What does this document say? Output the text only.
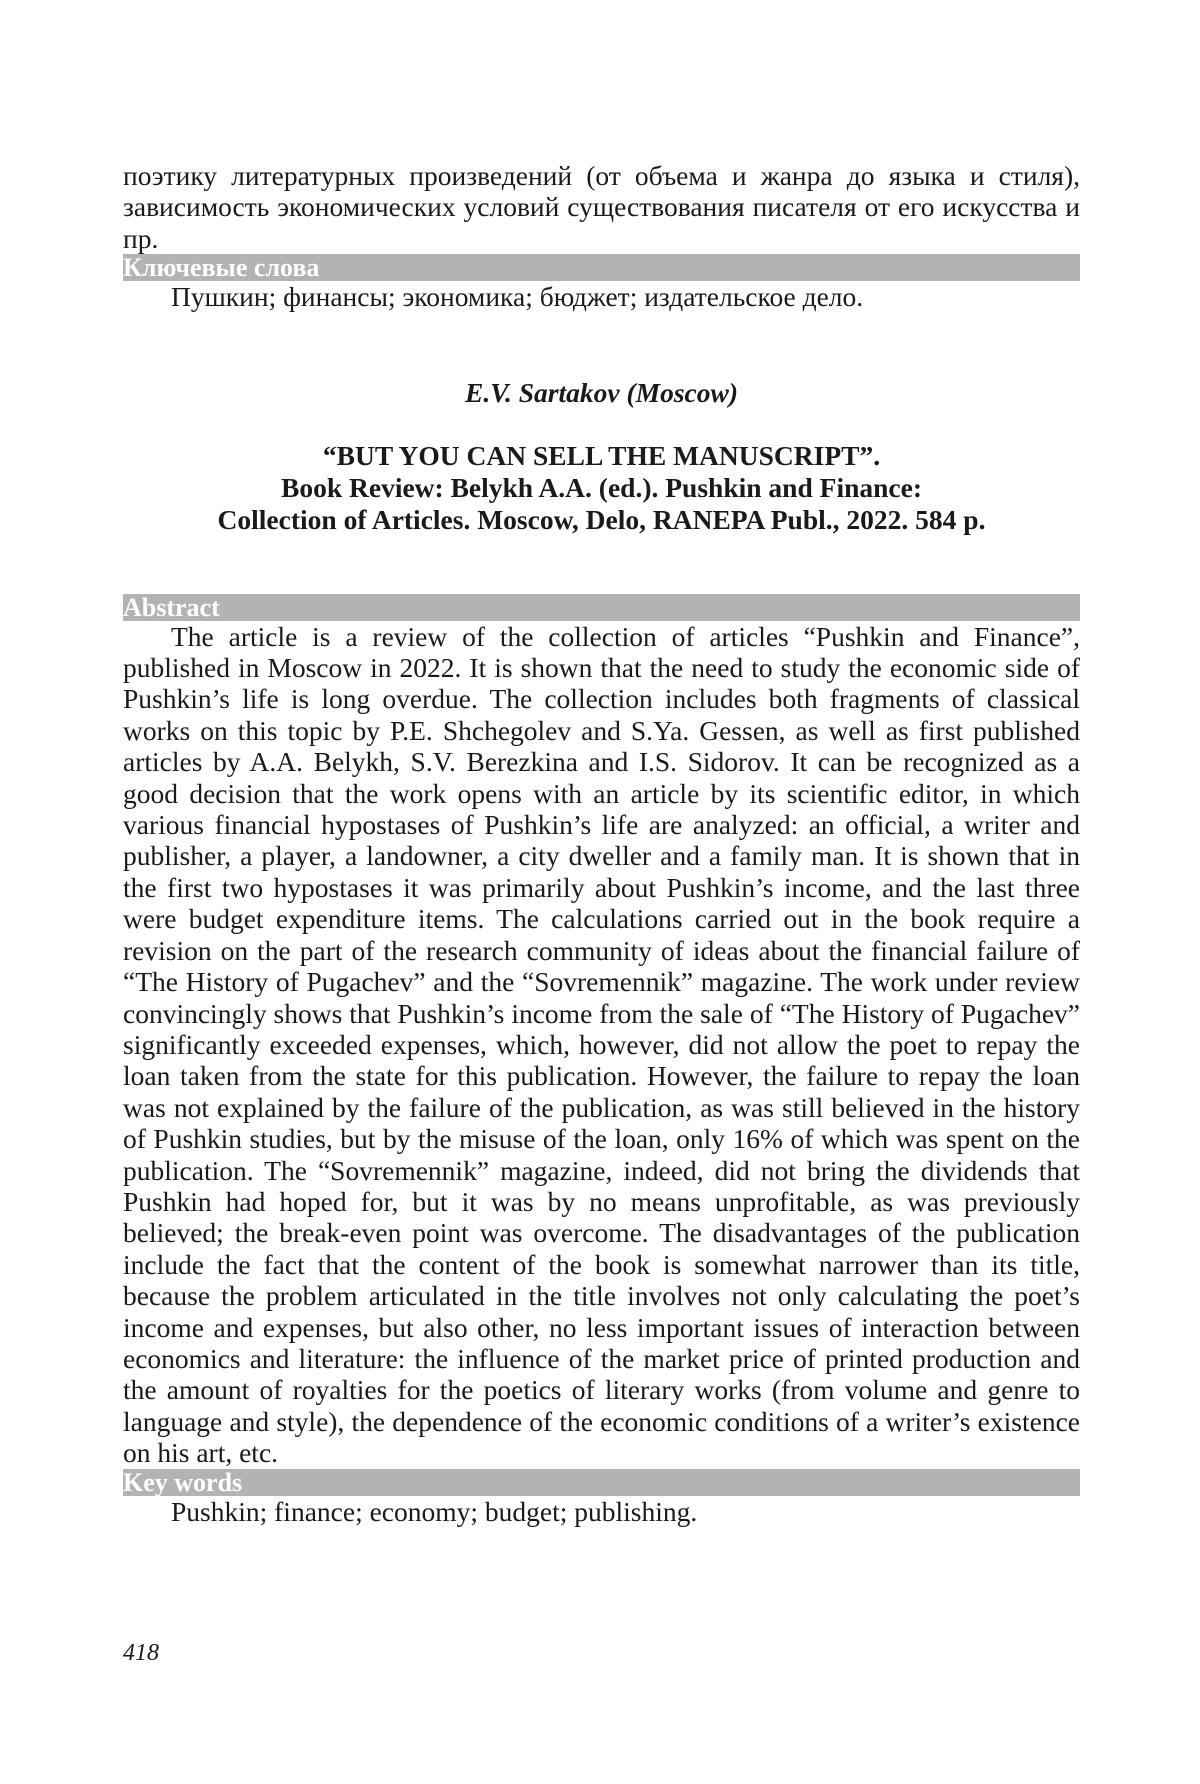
поэтику литературных произведений (от объема и жанра до языка и стиля), зависимость экономических условий существования писателя от его искусства и пр.

Ключевые слова

Пушкин; финансы; экономика; бюджет; издательское дело.

E.V. Sartakov (Moscow)

“BUT YOU CAN SELL THE MANUSCRIPT”.
Book Review: Belykh A.A. (ed.). Pushkin and Finance:
Collection of Articles. Moscow, Delo, RANEPA Publ., 2022. 584 p.

Abstract

The article is a review of the collection of articles “Pushkin and Finance”, published in Moscow in 2022. It is shown that the need to study the economic side of Pushkin’s life is long overdue. The collection includes both fragments of classical works on this topic by P.E. Shchegolev and S.Ya. Gessen, as well as first published articles by A.A. Belykh, S.V. Berezkina and I.S. Sidorov. It can be recognized as a good decision that the work opens with an article by its scientific editor, in which various financial hypostases of Pushkin’s life are analyzed: an official, a writer and publisher, a player, a landowner, a city dweller and a family man. It is shown that in the first two hypostases it was primarily about Pushkin’s income, and the last three were budget expenditure items. The calculations carried out in the book require a revision on the part of the research community of ideas about the financial failure of “The History of Pugachev” and the “Sovremennik” magazine. The work under review convincingly shows that Pushkin’s income from the sale of “The History of Pugachev” significantly exceeded expenses, which, however, did not allow the poet to repay the loan taken from the state for this publication. However, the failure to repay the loan was not explained by the failure of the publication, as was still believed in the history of Pushkin studies, but by the misuse of the loan, only 16% of which was spent on the publication. The “Sovremennik” magazine, indeed, did not bring the dividends that Pushkin had hoped for, but it was by no means unprofitable, as was previously believed; the break-even point was overcome. The disadvantages of the publication include the fact that the content of the book is somewhat narrower than its title, because the problem articulated in the title involves not only calculating the poet’s income and expenses, but also other, no less important issues of interaction between economics and literature: the influence of the market price of printed production and the amount of royalties for the poetics of literary works (from volume and genre to language and style), the dependence of the economic conditions of a writer’s existence on his art, etc.

Key words

Pushkin; finance; economy; budget; publishing.

418
